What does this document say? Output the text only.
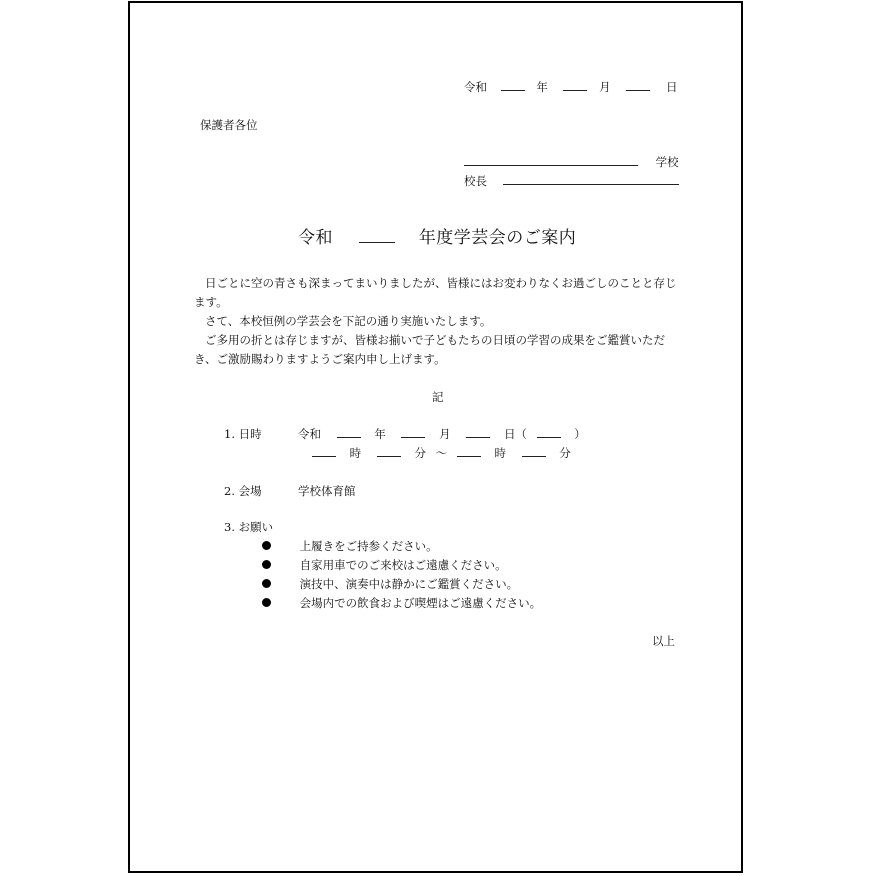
令和	年	月	日
保護者各位
学校
校長
令和	年度学芸会のご案内

日ごとに空の青さも深まってまいりましたが、皆様にはお変わりなくお過ごしのことと存じます。

さて、本校恒例の学芸会を下記の通り実施いたします。

ご多用の折とは存じますが、皆様お揃いで子どもたちの日頃の学習の成果をご鑑賞いただき、ご激励賜わりますようご案内申し上げます。

記
1. 日時	令和	年	月	日（	）
時	分 ～	時	分
2. 会場	学校体育館
3. お願い
上履きをご持参ください。
自家用車でのご来校はご遠慮ください。
演技中、演奏中は静かにご鑑賞ください。
会場内での飲食および喫煙はご遠慮ください。
以上
